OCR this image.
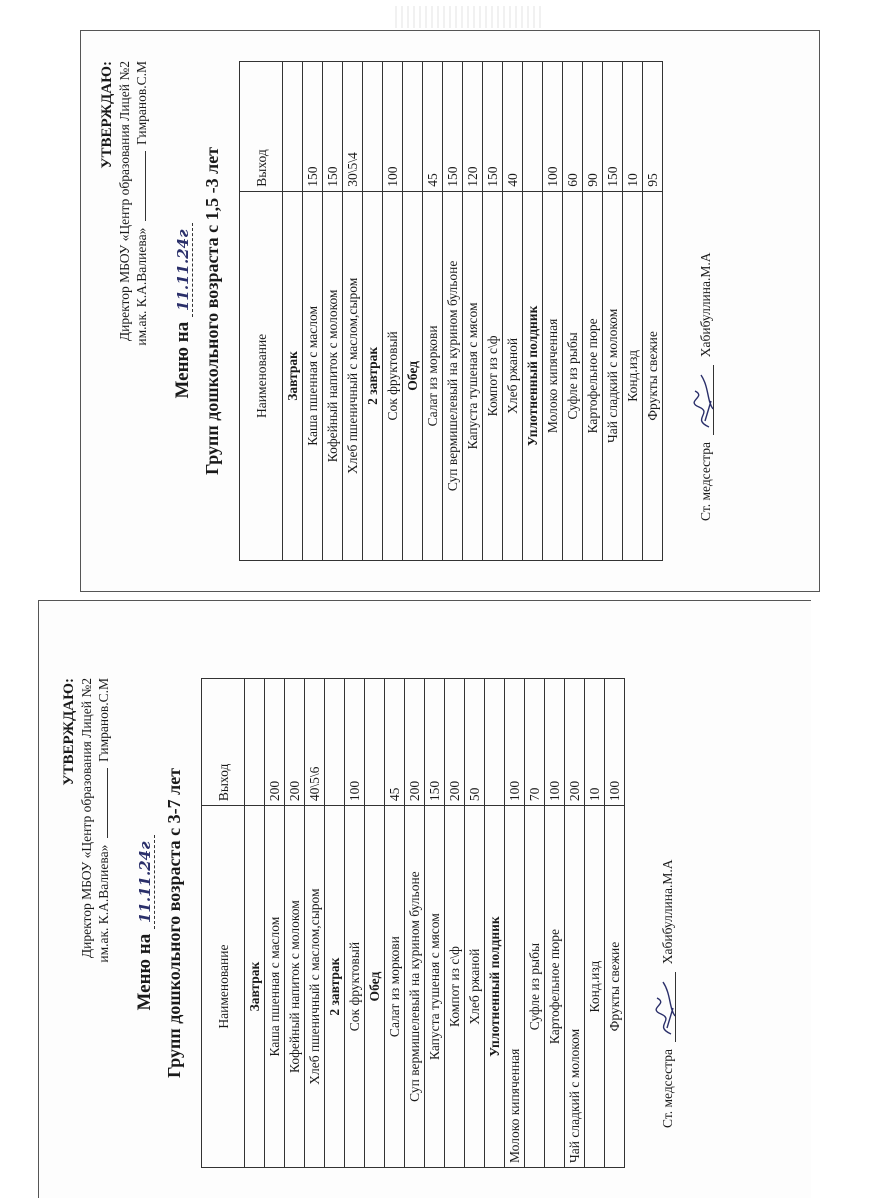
УТВЕРЖДАЮ: Директор МБОУ «Центр образования Лицей №2 им.ак. К.А.Валиева»  Гимранов.С.М
Меню на 11.11.24г Групп дошкольного возраста с 1,5 -3 лет Наименование	Выход
Завтрак	
Каша пшенная с маслом	150
Кофейный напиток с молоком	150
Хлеб пшеничный с маслом,сыром	30\5\4
2 завтрак	
Сок фруктовый	100
Обед	
Салат из моркови	45
Суп вермишелевый на курином бульоне	150
Капуста тушеная с мясом	120
Компот из с\ф	150
Хлеб ржаной	40
Уплотненный полдник	
Молоко кипяченная	100
Суфле из рыбы	60
Картофельное пюре	90
Чай сладкий с молоком	150
Конд.изд	10
Фрукты свежие	95
Ст. медсестра
Хабибуллина.М.А
УТВЕРЖДАЮ: Директор МБОУ «Центр образования Лицей №2 им.ак. К.А.Валиева»  Гимранов.С.М
Меню на 11.11.24г Групп дошкольного возраста с 3-7 лет Наименование	Выход
Завтрак	
Каша пшенная с маслом	200
Кофейный напиток с молоком	200
Хлеб пшеничный с маслом,сыром	40\5\6
2 завтрак	
Сок фруктовый	100
Обед	
Салат из моркови	45
Суп вермишелевый на курином бульоне	200
Капуста тушеная с мясом	150
Компот из с\ф	200
Хлеб ржаной	50
Уплотненный полдник	
Молоко кипяченная	100
Суфле из рыбы	70
Картофельное пюре	100
Чай сладкий с молоком	200
Конд.изд	10
Фрукты свежие	100
Ст. медсестра
Хабибуллина.М.А
